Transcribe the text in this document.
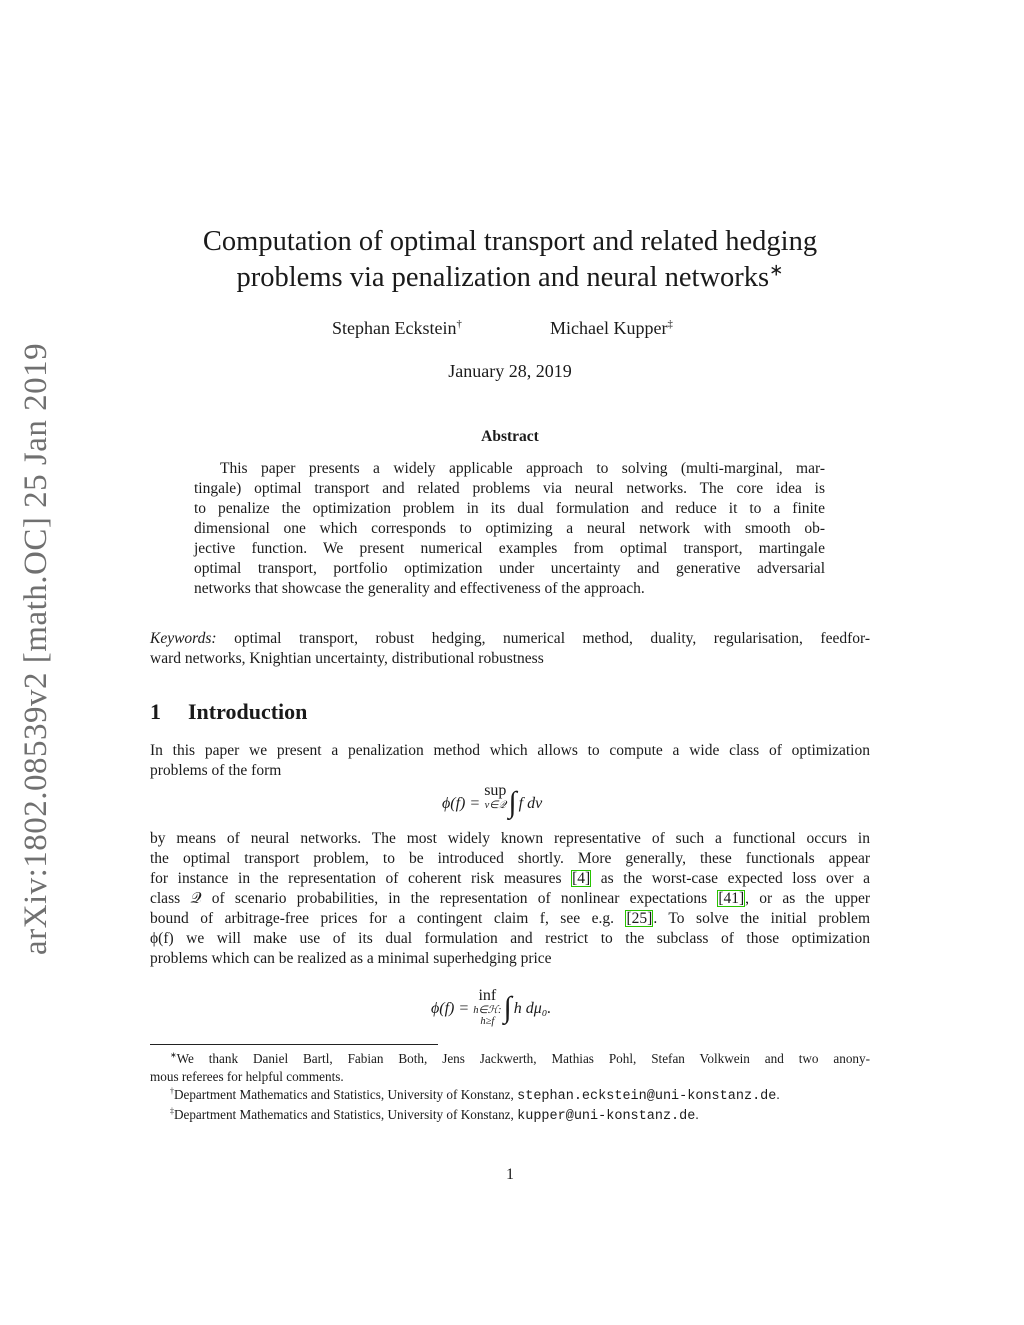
arXiv:1802.08539v2 [math.OC] 25 Jan 2019
Computation of optimal transport and related hedging
problems via penalization and neural networks∗
Stephan Eckstein†	Michael Kupper‡
January 28, 2019
Abstract
This paper presents a widely applicable approach to solving (multi-marginal, mar-
tingale) optimal transport and related problems via neural networks. The core idea is
to penalize the optimization problem in its dual formulation and reduce it to a finite
dimensional one which corresponds to optimizing a neural network with smooth ob-
jective function. We present numerical examples from optimal transport, martingale
optimal transport, portfolio optimization under uncertainty and generative adversarial
networks that showcase the generality and effectiveness of the approach.
Keywords: optimal transport, robust hedging, numerical method, duality, regularisation, feedfor-
ward networks, Knightian uncertainty, distributional robustness
1 Introduction
In this paper we present a penalization method which allows to compute a wide class of optimization
problems of the form
ϕ(f) =
sup
ν∈𝒬 ∫ f dν
by means of neural networks. The most widely known representative of such a functional occurs in
the optimal transport problem, to be introduced shortly. More generally, these functionals appear
for instance in the representation of coherent risk measures [4] as the worst-case expected loss over a
class 𝒬 of scenario probabilities, in the representation of nonlinear expectations [41], or as the upper
bound of arbitrage-free prices for a contingent claim f, see e.g. [25]. To solve the initial problem
ϕ(f) we will make use of its dual formulation and restrict to the subclass of those optimization
problems which can be realized as a minimal superhedging price
ϕ(f) =
inf
h∈ℋ:
h≥f ∫ h dμ₀.
∗We thank Daniel Bartl, Fabian Both, Jens Jackwerth, Mathias Pohl, Stefan Volkwein and two anony-
mous referees for helpful comments.
†Department Mathematics and Statistics, University of Konstanz, stephan.eckstein@uni-konstanz.de.
‡Department Mathematics and Statistics, University of Konstanz, kupper@uni-konstanz.de.
1
